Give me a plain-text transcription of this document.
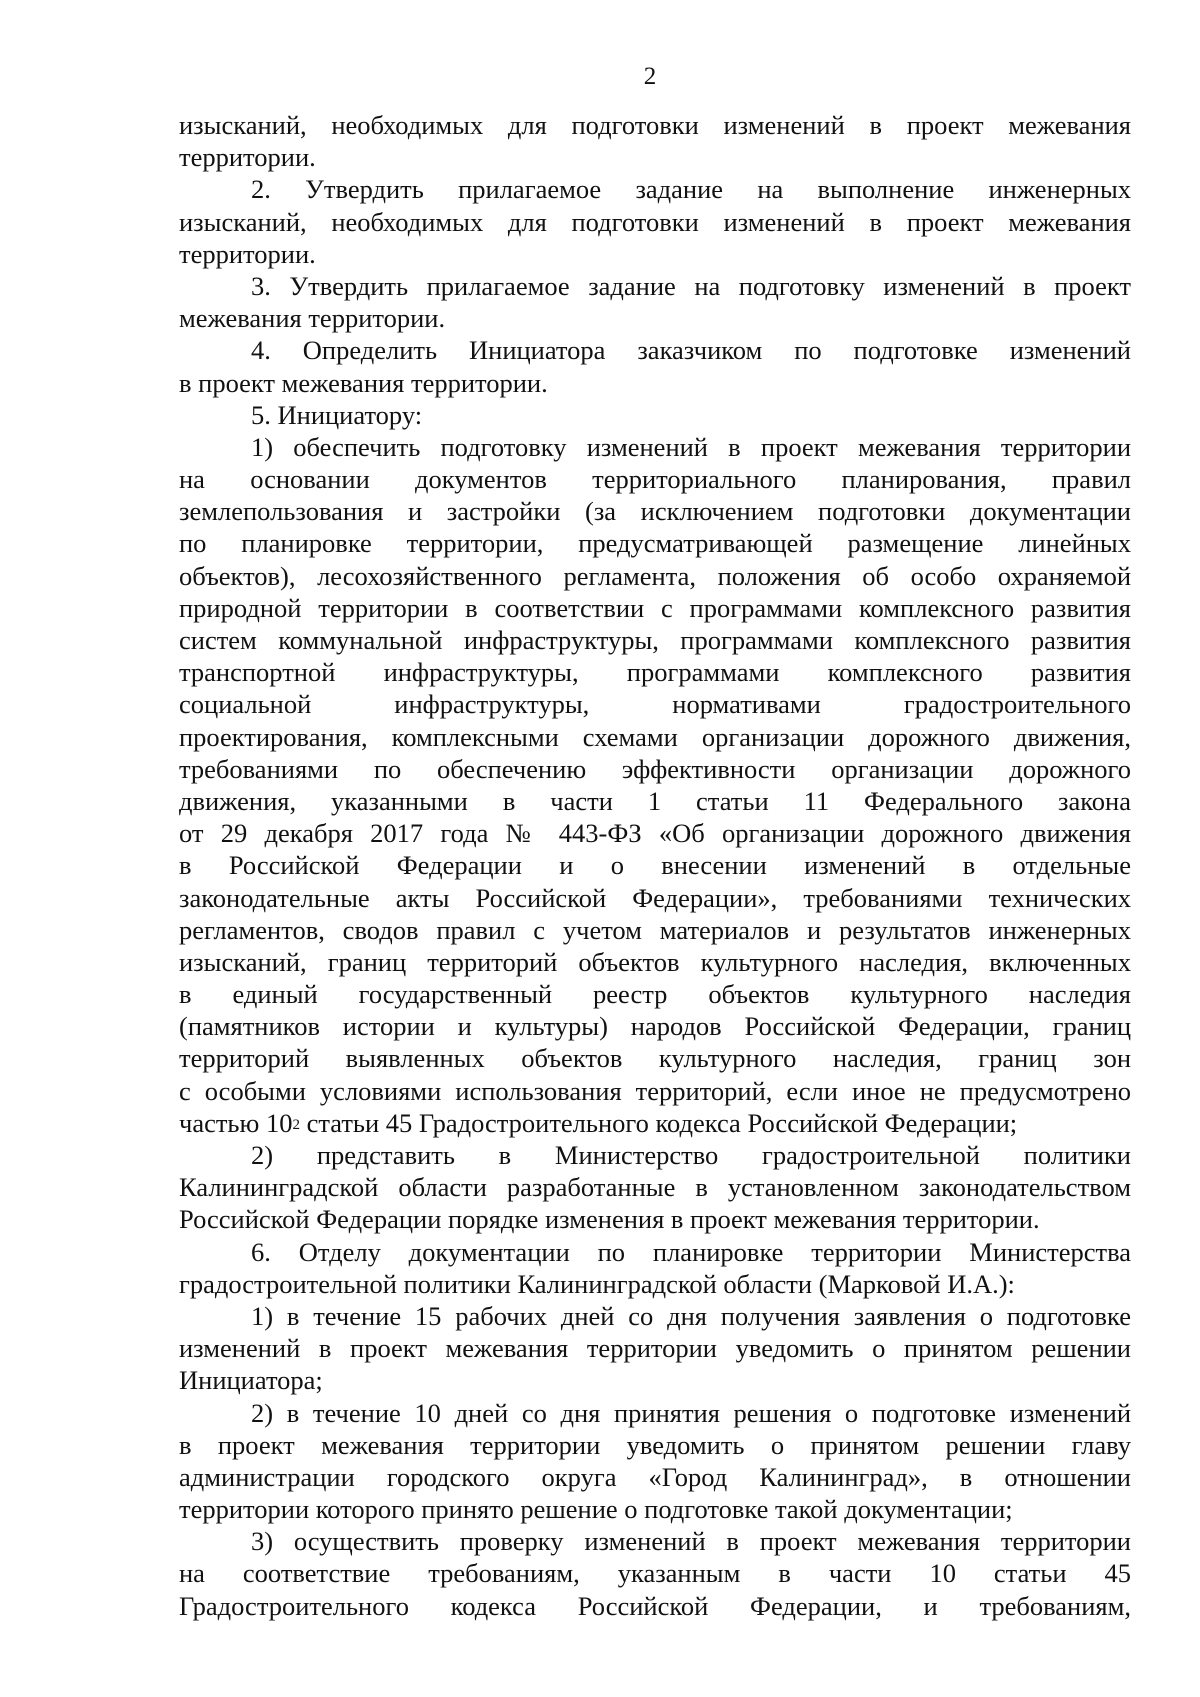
2
изысканий, необходимых для подготовки изменений в проект межевания
территории.
2. Утвердить прилагаемое задание на выполнение инженерных
изысканий, необходимых для подготовки изменений в проект межевания
территории.
3. Утвердить прилагаемое задание на подготовку изменений в проект
межевания территории.
4. Определить Инициатора заказчиком по подготовке изменений
в проект межевания территории.
5. Инициатору:
1) обеспечить подготовку изменений в проект межевания территории
на основании документов территориального планирования, правил
землепользования и застройки (за исключением подготовки документации
по планировке территории, предусматривающей размещение линейных
объектов), лесохозяйственного регламента, положения об особо охраняемой
природной территории в соответствии с программами комплексного развития
систем коммунальной инфраструктуры, программами комплексного развития
транспортной инфраструктуры, программами комплексного развития
социальной инфраструктуры, нормативами градостроительного
проектирования, комплексными схемами организации дорожного движения,
требованиями по обеспечению эффективности организации дорожного
движения, указанными в части 1 статьи 11 Федерального закона
от 29 декабря 2017 года № 443-ФЗ «Об организации дорожного движения
в Российской Федерации и о внесении изменений в отдельные
законодательные акты Российской Федерации», требованиями технических
регламентов, сводов правил с учетом материалов и результатов инженерных
изысканий, границ территорий объектов культурного наследия, включенных
в единый государственный реестр объектов культурного наследия
(памятников истории и культуры) народов Российской Федерации, границ
территорий выявленных объектов культурного наследия, границ зон
с особыми условиями использования территорий, если иное не предусмотрено
частью $10^2$ статьи 45 Градостроительного кодекса Российской Федерации;
2) представить в Министерство градостроительной политики
Калининградской области разработанные в установленном законодательством
Российской Федерации порядке изменения в проект межевания территории.
6. Отделу документации по планировке территории Министерства
градостроительной политики Калининградской области (Марковой И.А.):
1) в течение 15 рабочих дней со дня получения заявления о подготовке
изменений в проект межевания территории уведомить о принятом решении
Инициатора;
2) в течение 10 дней со дня принятия решения о подготовке изменений
в проект межевания территории уведомить о принятом решении главу
администрации городского округа «Город Калининград», в отношении
территории которого принято решение о подготовке такой документации;
3) осуществить проверку изменений в проект межевания территории
на соответствие требованиям, указанным в части 10 статьи 45
Градостроительного кодекса Российской Федерации, и требованиям,
